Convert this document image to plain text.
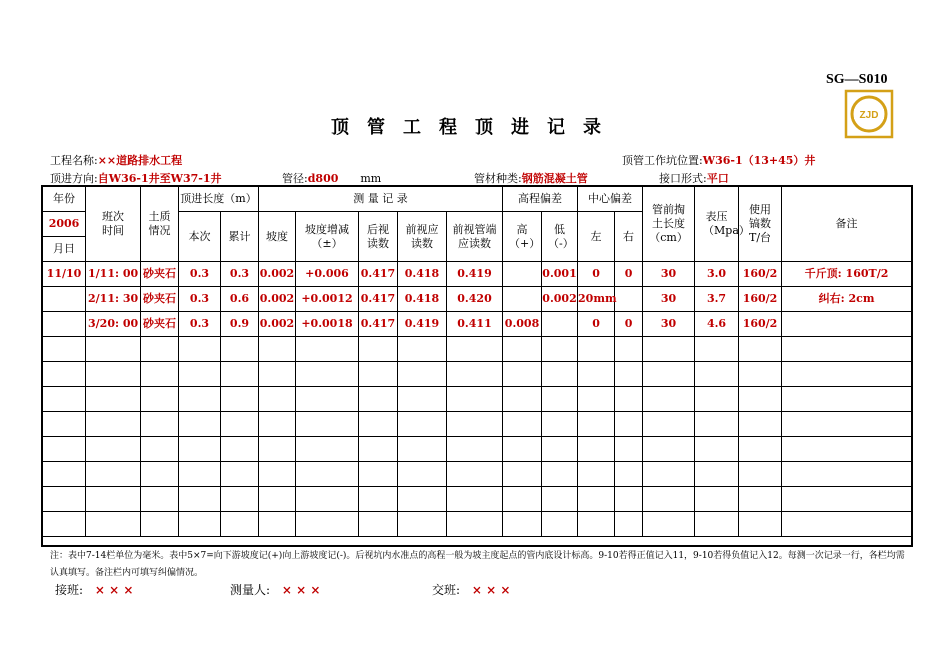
SG—S010
ZJD
顶管工程顶进记录
工程名称:××道路排水工程	顶管工作坑位置:W36-1（13+45）井
顶进方向:自W36-1井至W37-1井	管径:d800 mm	管材种类:钢筋混凝土管	接口形式:平口
年份	班次时间	土质情况	顶进长度（m）		测 量 记 录					高程偏差		中心偏差		管前掏土长度（cm）	表压（Mpa）	使用镐数T/台	备注
2006			本次	累计	坡度	坡度增减（±）	后视读数	前视应读数	前视管端应读数	高（+）	低（-）	左	右				
月日																	
11/10	1/11: 00	砂夹石	0.3	0.3	0.002	+0.006	0.417	0.418	0.419		0.001	0	0	30	3.0	160/2	千斤顶: 160T/2
	2/11: 30	砂夹石	0.3	0.6	0.002	+0.0012	0.417	0.418	0.420		0.002	20mm		30	3.7	160/2	纠右: 2cm
	3/20: 00	砂夹石	0.3	0.9	0.002	+0.0018	0.417	0.419	0.411	0.008		0	0	30	4.6	160/2	

注：表中7-14栏单位为毫米。表中5×7=向下游坡度记(+)向上游坡度记(-)。后视坑内水准点的高程一般为坡主度起点的管内底设计标高。9-10若得正值记入11，9-10若得负值记入12。每测一次记录一行，各栏均需认真填写。备注栏内可填写纠偏情况。
接班: × × ×	测量人: × × ×	交班: × × ×
